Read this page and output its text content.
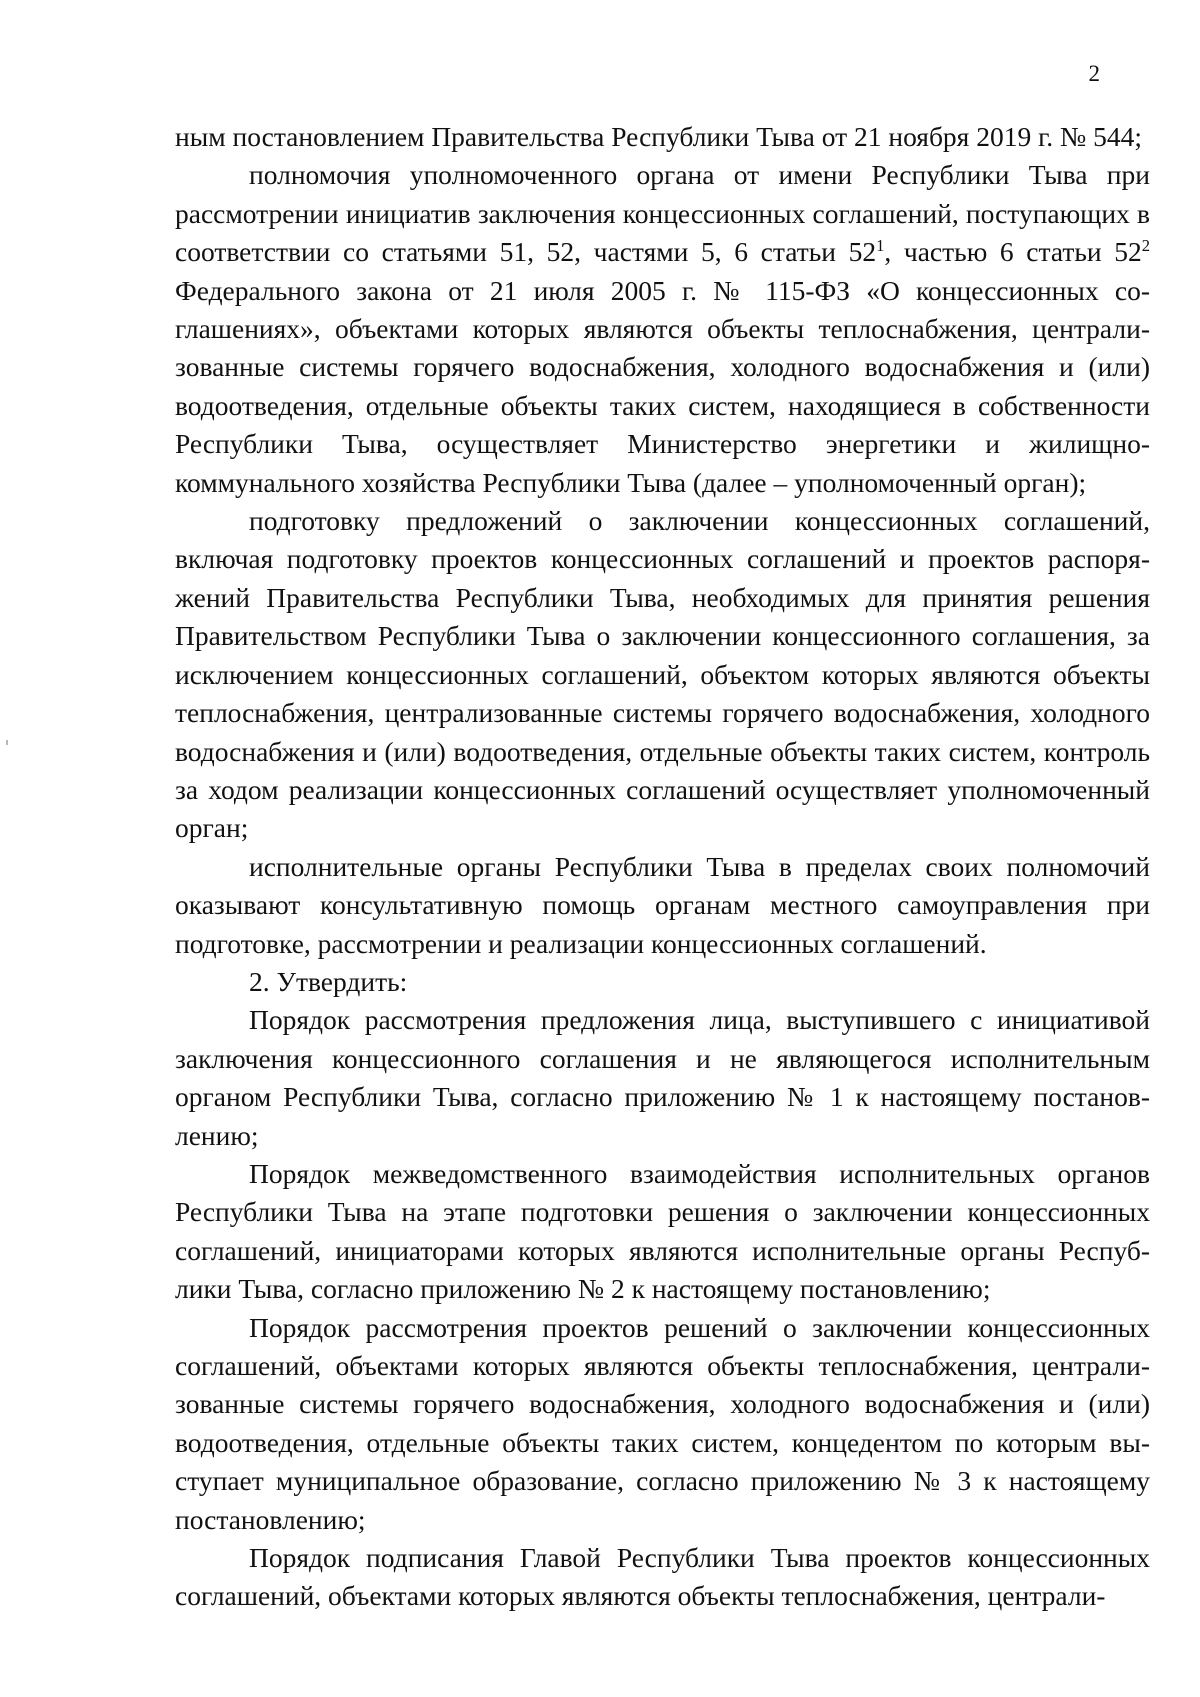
2

ным постановлением Правительства Республики Тыва от 21 ноября 2019 г. № 544;

полномочия уполномоченного органа от имени Республики Тыва при рассмотрении инициатив заключения концессионных соглашений, поступающих в соответствии со статьями 51, 52, частями 5, 6 статьи $52^1$, частью 6 статьи $52^2$ Федерального закона от 21 июля 2005 г. № 115-ФЗ «О концессионных соглашениях», объектами которых являются объекты теплоснабжения, централизованные системы горячего водоснабжения, холодного водоснабжения и (или) водоотведения, отдельные объекты таких систем, находящиеся в собственности Республики Тыва, осуществляет Министерство энергетики и жилищно-коммунального хозяйства Республики Тыва (далее – уполномоченный орган);

подготовку предложений о заключении концессионных соглашений, включая подготовку проектов концессионных соглашений и проектов распоряжений Правительства Республики Тыва, необходимых для принятия решения Правительством Республики Тыва о заключении концессионного соглашения, за исключением концессионных соглашений, объектом которых являются объекты теплоснабжения, централизованные системы горячего водоснабжения, холодного водоснабжения и (или) водоотведения, отдельные объекты таких систем, контроль за ходом реализации концессионных соглашений осуществляет уполномоченный орган;

исполнительные органы Республики Тыва в пределах своих полномочий оказывают консультативную помощь органам местного самоуправления при подготовке, рассмотрении и реализации концессионных соглашений.

2. Утвердить:

Порядок рассмотрения предложения лица, выступившего с инициативой заключения концессионного соглашения и не являющегося исполнительным органом Республики Тыва, согласно приложению № 1 к настоящему постановлению;

Порядок межведомственного взаимодействия исполнительных органов Республики Тыва на этапе подготовки решения о заключении концессионных соглашений, инициаторами которых являются исполнительные органы Республики Тыва, согласно приложению № 2 к настоящему постановлению;

Порядок рассмотрения проектов решений о заключении концессионных соглашений, объектами которых являются объекты теплоснабжения, централизованные системы горячего водоснабжения, холодного водоснабжения и (или) водоотведения, отдельные объекты таких систем, концедентом по которым выступает муниципальное образование, согласно приложению № 3 к настоящему постановлению;

Порядок подписания Главой Республики Тыва проектов концессионных соглашений, объектами которых являются объекты теплоснабжения, централи-
